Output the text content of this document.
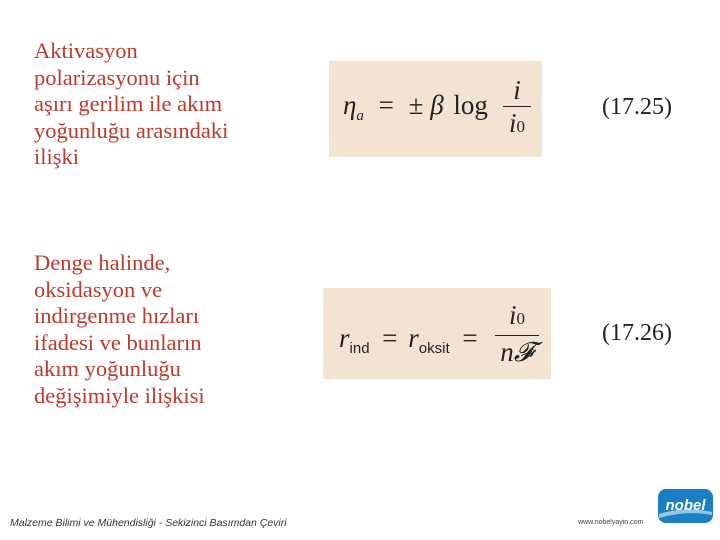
Aktivasyon
polarizasyonu için
aşırı gerilim ile akım
yoğunluğu arasındaki
ilişki

$\eta_a$ = ± β log i
i0
(17.25)

Denge halinde,
oksidasyon ve
indirgenme hızları
ifadesi ve bunların
akım yoğunluğu
değişimiyle ilişkisi

$r_{ind} = r_{oksit}$ =
i0
n𝓕
(17.26)
Malzeme Bilimi ve Mühendisliği - Sekizinci Basımdan Çeviri	www.nobelyayin.com
nobel
